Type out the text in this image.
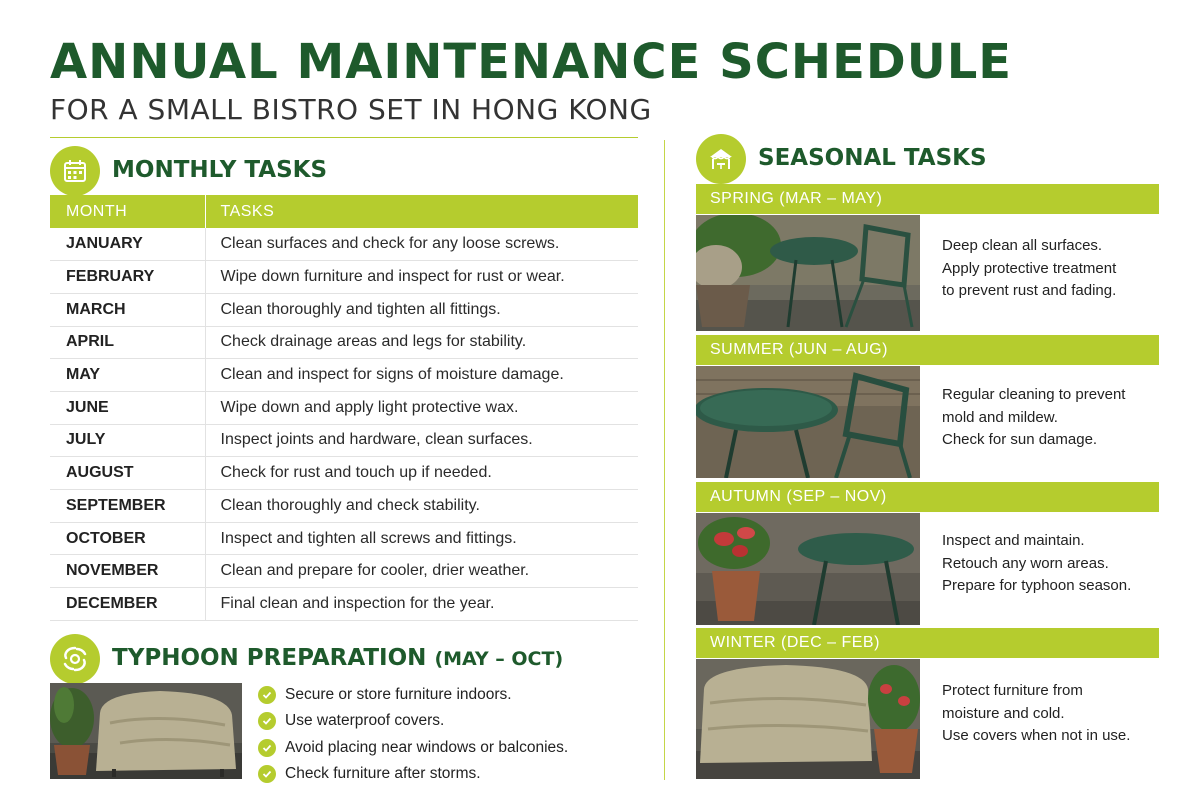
ANNUAL MAINTENANCE SCHEDULE
FOR A SMALL BISTRO SET IN HONG KONG
MONTHLY TASKS
MONTH	TASKS
JANUARY	Clean surfaces and check for any loose screws.
FEBRUARY	Wipe down furniture and inspect for rust or wear.
MARCH	Clean thoroughly and tighten all fittings.
APRIL	Check drainage areas and legs for stability.
MAY	Clean and inspect for signs of moisture damage.
JUNE	Wipe down and apply light protective wax.
JULY	Inspect joints and hardware, clean surfaces.
AUGUST	Check for rust and touch up if needed.
SEPTEMBER	Clean thoroughly and check stability.
OCTOBER	Inspect and tighten all screws and fittings.
NOVEMBER	Clean and prepare for cooler, drier weather.
DECEMBER	Final clean and inspection for the year.
TYPHOON PREPARATION (MAY – OCT)
Secure or store furniture indoors.
Use waterproof covers.
Avoid placing near windows or balconies.
Check furniture after storms.
SEASONAL TASKS
SPRING (MAR – MAY)
Deep clean all surfaces.
Apply protective treatment
to prevent rust and fading.
SUMMER (JUN – AUG)
Regular cleaning to prevent
mold and mildew.
Check for sun damage.
AUTUMN (SEP – NOV)
Inspect and maintain.
Retouch any worn areas.
Prepare for typhoon season.
WINTER (DEC – FEB)
Protect furniture from
moisture and cold.
Use covers when not in use.
